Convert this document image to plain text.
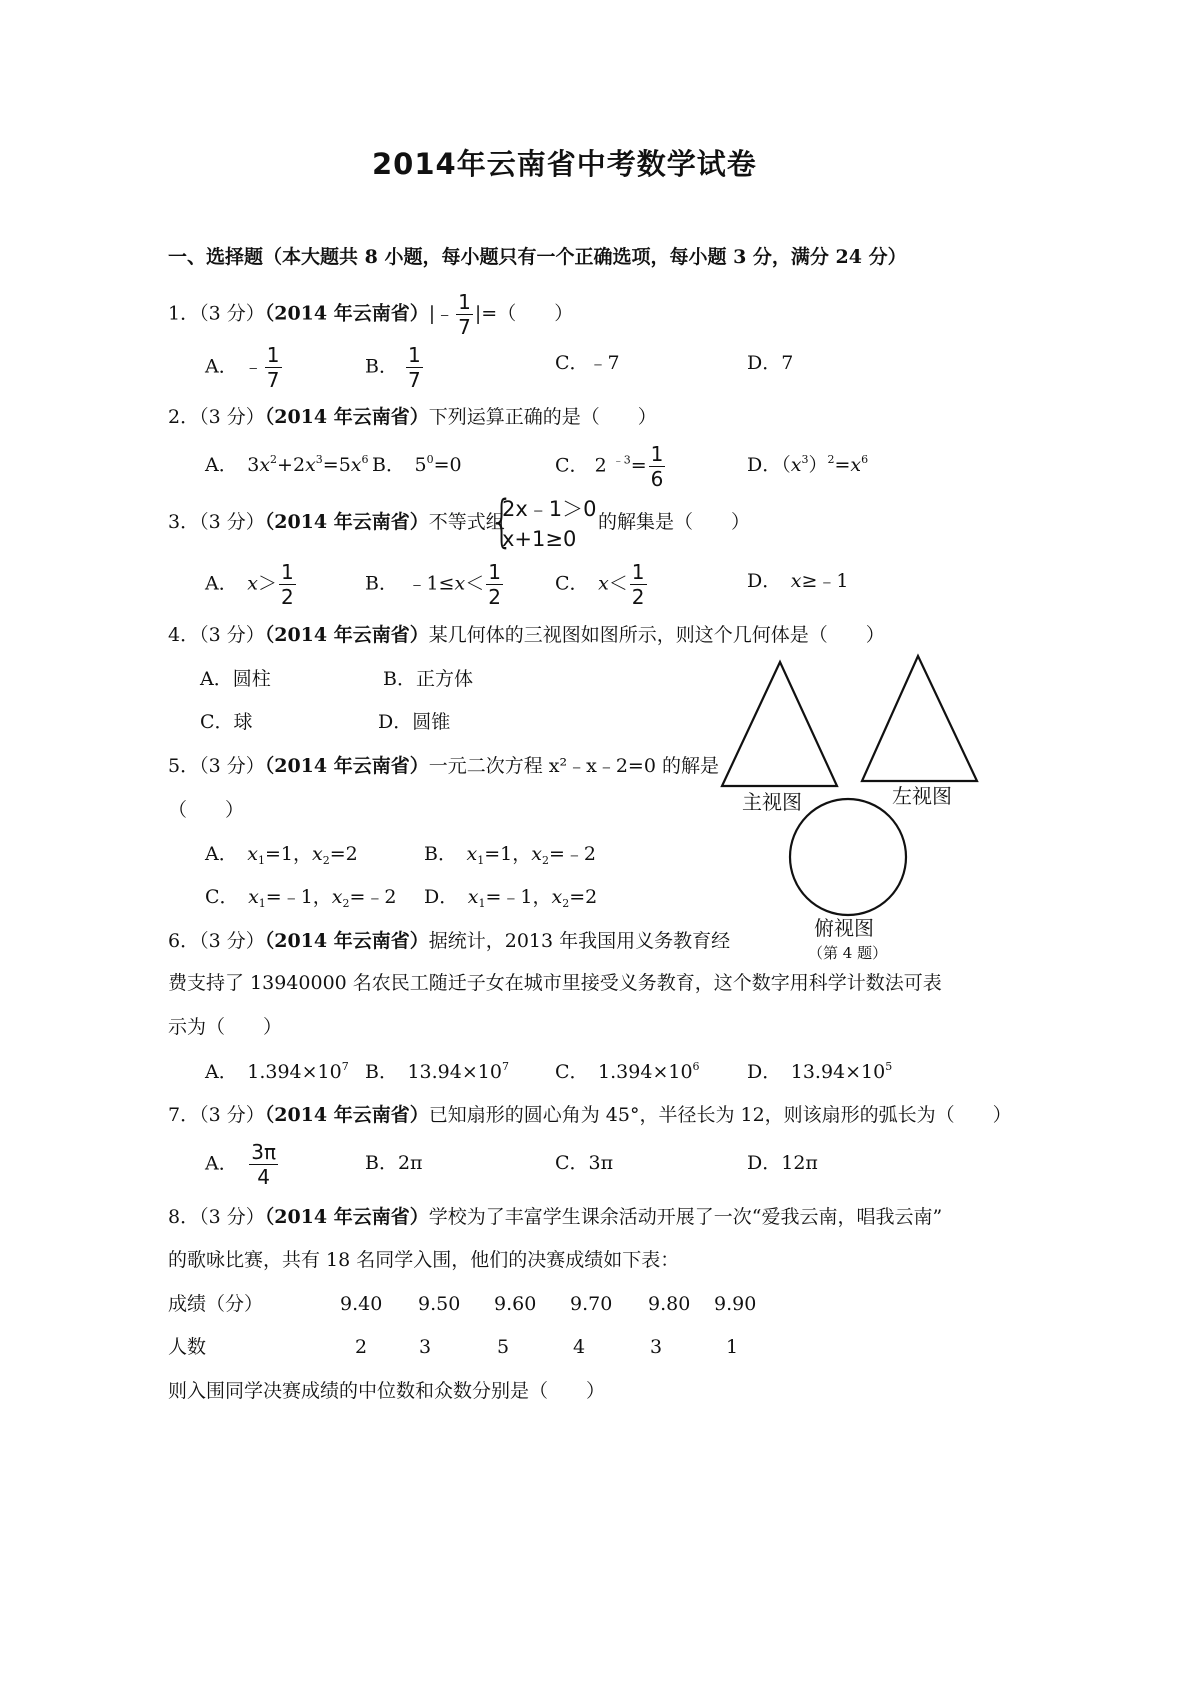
2014年云南省中考数学试卷
一、选择题（本大题共 8 小题，每小题只有一个正确选项，每小题 3 分，满分 24 分）
1．（3 分）（2014 年云南省）|﹣ $\frac{1}{7}$ |=（　　）
A． ﹣ $\frac{1}{7}$	B． $\frac{1}{7}$	C．﹣7	D．7
2．（3 分）（2014 年云南省）下列运算正确的是（　　）
A．　$3x^2+2x^3=5x^6$ B．　$5^0=0$	C． 2 $^{﹣3}= \frac{1}{6}$	D．$(x^3)^2=x^6$
3．（3 分）（2014 年云南省）不等式组
{
2x﹣1＞0
x+1≥0
的解集是（　　）
A．　 $x> \frac{1}{2}$	B．　﹣1≤x＜ $\frac{1}{2}$	C．　 $x< \frac{1}{2}$	D．　 x≥﹣1
4．（3 分）（2014 年云南省）某几何体的三视图如图所示，则这个几何体是（　　）
A．圆柱	B．正方体
C．球	D．圆锥
主视图	左视图
俯视图
（第 4 题）
5．（3 分）（2014 年云南省）一元二次方程 x²﹣x﹣2=0 的解是
（　　）
A．　 $x_1=1$，$x_2=2$	B．　 $x_1=1$，$x_2=﹣2$
C．　 $x_1=﹣1$，$x_2=﹣2$ D．　 $x_1=﹣1$，$x_2=2$
6．（3 分）（2014 年云南省）据统计，2013 年我国用义务教育经
费支持了 13940000 名农民工随迁子女在城市里接受义务教育，这个数字用科学计数法可表
示为（　　）
A．　$1.394\times 10^7$ B．　$13.94\times 10^7$ C．　$1.394\times 10^6$ D．　$13.94\times 10^5$
7．（3 分）（2014 年云南省）已知扇形的圆心角为 45°，半径长为 12，则该扇形的弧长为（　　）
A．　 $\frac{3\pi}{4}$	B．2π	C．3π	D．12π
8．（3 分）（2014 年云南省）学校为了丰富学生课余活动开展了一次“爱我云南，唱我云南”
的歌咏比赛，共有 18 名同学入围，他们的决赛成绩如下表：
成绩（分）	9.40 9.50 9.60 9.70 9.80 9.90
人数	2	3	5	4	3	1
则入围同学决赛成绩的中位数和众数分别是（　　）
